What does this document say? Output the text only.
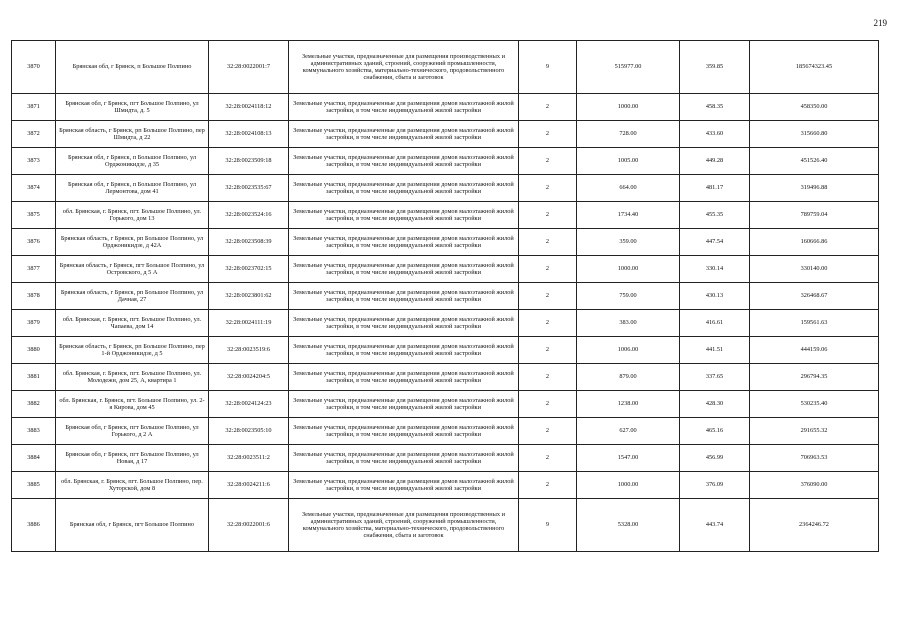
219
3870	Брянская обл, г Брянск, п Большое Полпино	32:28:0022001:7	Земельные участки, предназначенные для размещения производственных и административных зданий, строений, сооружений промышленности, коммунального хозяйства, материально-технического, продовольственного снабжения, сбыта и заготовок	9	515977.00	359.85	185674323.45
3871	Брянская обл, г Брянск, пгт Большое Полпино, ул Шмидта, д. 5	32:28:0024118:12	Земельные участки, предназначенные для размещения домов малоэтажной жилой застройки, в том числе индивидуальной жилой застройки	2	1000.00	458.35	458350.00
3872	Брянская область, г Брянск, рп Большое Полпино, пер Шмидта, д 22	32:28:0024108:13	Земельные участки, предназначенные для размещения домов малоэтажной жилой застройки, в том числе индивидуальной жилой застройки	2	728.00	433.60	315660.80
3873	Брянская обл, г Брянск, п Большое Полпино, ул Орджоникидзе, д 35	32:28:0023509:18	Земельные участки, предназначенные для размещения домов малоэтажной жилой застройки, в том числе индивидуальной жилой застройки	2	1005.00	449.28	451526.40
3874	Брянская обл, г Брянск, п Большое Полпино, ул Лермонтова, дом 41	32:28:0023535:67	Земельные участки, предназначенные для размещения домов малоэтажной жилой застройки, в том числе индивидуальной жилой застройки	2	664.00	481.17	319496.88
3875	обл. Брянская, г. Брянск, пгт. Большое Полпино, ул. Горького, дом 13	32:28:0023524:16	Земельные участки, предназначенные для размещения домов малоэтажной жилой застройки, в том числе индивидуальной жилой застройки	2	1734.40	455.35	789759.04
3876	Брянская область, г Брянск, рп Большое Полпино, ул Орджоникидзе, д 42А	32:28:0023508:39	Земельные участки, предназначенные для размещения домов малоэтажной жилой застройки, в том числе индивидуальной жилой застройки	2	359.00	447.54	160666.86
3877	Брянская область, г Брянск, пгт Большое Полпино, ул Островского, д 5 А	32:28:0023702:15	Земельные участки, предназначенные для размещения домов малоэтажной жилой застройки, в том числе индивидуальной жилой застройки	2	1000.00	330.14	330140.00
3878	Брянская область, г Брянск, рп Большое Полпино, ул Дачная, 27	32:28:0023801:62	Земельные участки, предназначенные для размещения домов малоэтажной жилой застройки, в том числе индивидуальной жилой застройки	2	759.00	430.13	326468.67
3879	обл. Брянская, г. Брянск, пгт. Большое Полпино, ул. Чапаева, дом 14	32:28:0024111:19	Земельные участки, предназначенные для размещения домов малоэтажной жилой застройки, в том числе индивидуальной жилой застройки	2	383.00	416.61	159561.63
3880	Брянская область, г Брянск, рп Большое Полпино, пер 1-й Орджоникидзе, д 5	32:28:0023519:6	Земельные участки, предназначенные для размещения домов малоэтажной жилой застройки, в том числе индивидуальной жилой застройки	2	1006.00	441.51	444159.06
3881	обл. Брянская, г. Брянск, пгт. Большое Полпино, ул. Молодежн, дом 25, А, квартира 1	32:28:0024204:5	Земельные участки, предназначенные для размещения домов малоэтажной жилой застройки, в том числе индивидуальной жилой застройки	2	879.00	337.65	296794.35
3882	обл. Брянская, г. Брянск, пгт. Большое Полпино, ул. 2-я Кирова, дом 45	32:28:0024124:23	Земельные участки, предназначенные для размещения домов малоэтажной жилой застройки, в том числе индивидуальной жилой застройки	2	1238.00	428.30	530235.40
3883	Брянская обл, г Брянск, пгт Большое Полпино, ул Горького, д 2 А	32:28:0023505:10	Земельные участки, предназначенные для размещения домов малоэтажной жилой застройки, в том числе индивидуальной жилой застройки	2	627.00	465.16	291655.32
3884	Брянская обл, г Брянск, пгт Большое Полпино, ул Новая, д 17	32:28:0023511:2	Земельные участки, предназначенные для размещения домов малоэтажной жилой застройки, в том числе индивидуальной жилой застройки	2	1547.00	456.99	706963.53
3885	обл. Брянская, г. Брянск, пгт. Большое Полпино, пер. Хуторской, дом 8	32:28:0024211:6	Земельные участки, предназначенные для размещения домов малоэтажной жилой застройки, в том числе индивидуальной жилой застройки	2	1000.00	376.09	376090.00
3886	Брянская обл, г Брянск, пгт Большое Полпино	32:28:0022001:6	Земельные участки, предназначенные для размещения производственных и административных зданий, строений, сооружений промышленности, коммунального хозяйства, материально-технического, продовольственного снабжения, сбыта и заготовок	9	5328.00	443.74	2364246.72
